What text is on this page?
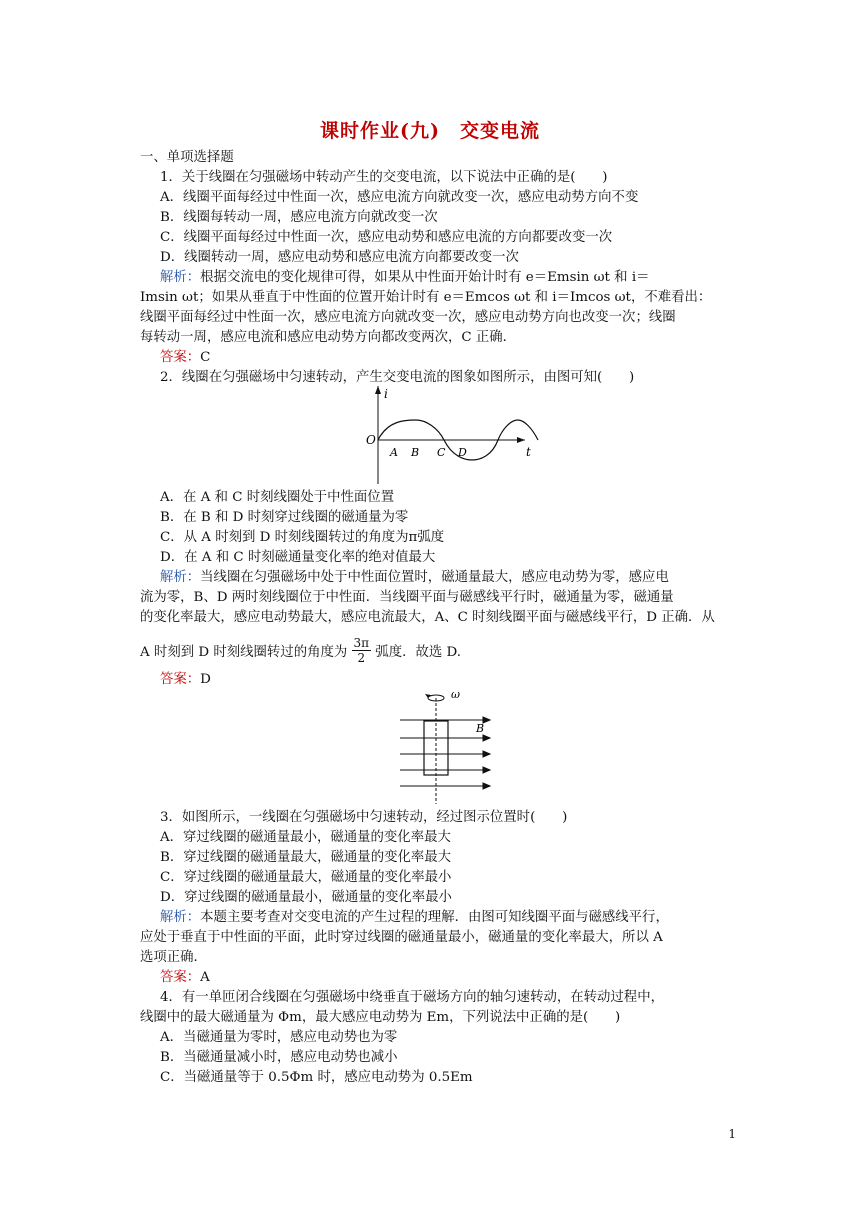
课时作业(九)　交变电流
一、单项选择题
1．关于线圈在匀强磁场中转动产生的交变电流，以下说法中正确的是(　　)
A．线圈平面每经过中性面一次，感应电流方向就改变一次，感应电动势方向不变
B．线圈每转动一周，感应电流方向就改变一次
C．线圈平面每经过中性面一次，感应电动势和感应电流的方向都要改变一次
D．线圈转动一周，感应电动势和感应电流方向都要改变一次
解析：根据交流电的变化规律可得，如果从中性面开始计时有 e＝Emsin ωt 和 i＝
Imsin ωt；如果从垂直于中性面的位置开始计时有 e＝Emcos ωt 和 i＝Imcos ωt，不难看出：
线圈平面每经过中性面一次，感应电流方向就改变一次，感应电动势方向也改变一次；线圈
每转动一周，感应电流和感应电动势方向都改变两次，C 正确．
答案：C
2．线圈在匀强磁场中匀速转动，产生交变电流的图象如图所示，由图可知(　　)
i
t
O
A B C D
A．在 A 和 C 时刻线圈处于中性面位置
B．在 B 和 D 时刻穿过线圈的磁通量为零
C．从 A 时刻到 D 时刻线圈转过的角度为π弧度
D．在 A 和 C 时刻磁通量变化率的绝对值最大
解析：当线圈在匀强磁场中处于中性面位置时，磁通量最大，感应电动势为零，感应电
流为零，B、D 两时刻线圈位于中性面．当线圈平面与磁感线平行时，磁通量为零，磁通量
的变化率最大，感应电动势最大，感应电流最大，A、C 时刻线圈平面与磁感线平行，D 正确．从
A 时刻到 D 时刻线圈转过的角度为 $\frac{3\pi}{2}$ 弧度．故选 D.
答案：D
ω
B
3．如图所示，一线圈在匀强磁场中匀速转动，经过图示位置时(　　)
A．穿过线圈的磁通量最小，磁通量的变化率最大
B．穿过线圈的磁通量最大，磁通量的变化率最大
C．穿过线圈的磁通量最大，磁通量的变化率最小
D．穿过线圈的磁通量最小，磁通量的变化率最小
解析：本题主要考查对交变电流的产生过程的理解．由图可知线圈平面与磁感线平行，
应处于垂直于中性面的平面，此时穿过线圈的磁通量最小，磁通量的变化率最大，所以 A
选项正确．
答案：A
4．有一单匝闭合线圈在匀强磁场中绕垂直于磁场方向的轴匀速转动，在转动过程中，
线圈中的最大磁通量为 Φm，最大感应电动势为 Em，下列说法中正确的是(　　)
A．当磁通量为零时，感应电动势也为零
B．当磁通量减小时，感应电动势也减小
C．当磁通量等于 0.5Φm 时，感应电动势为 0.5Em
1
